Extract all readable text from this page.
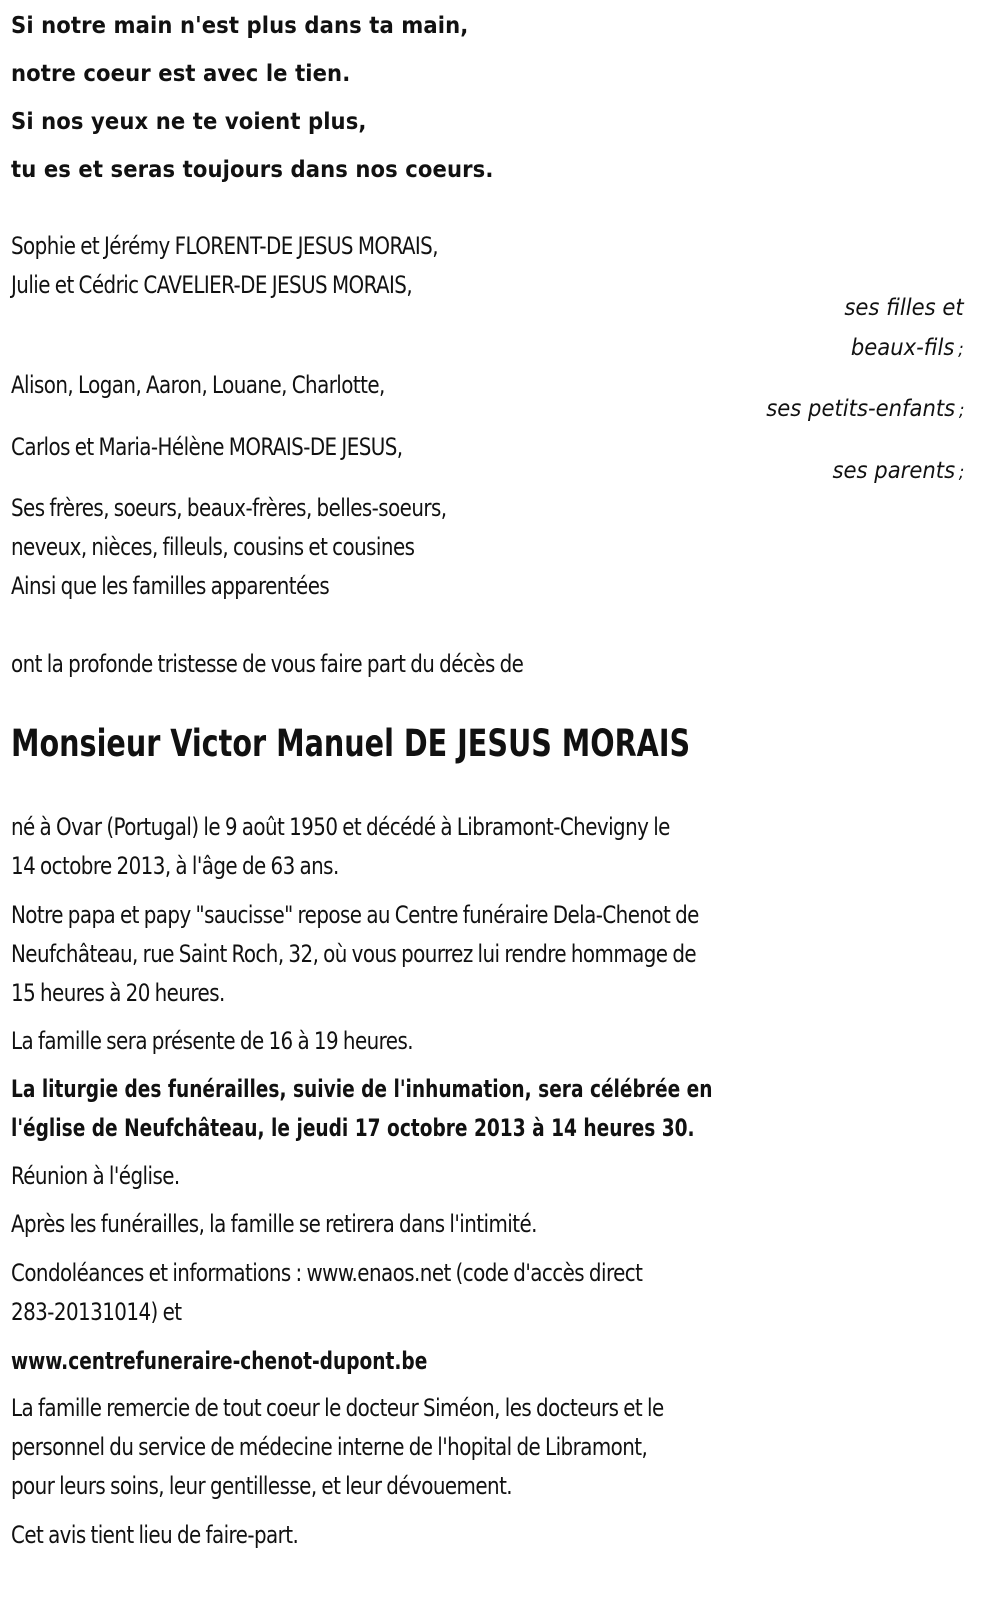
Si notre main n'est plus dans ta main,
notre coeur est avec le tien.
Si nos yeux ne te voient plus,
tu es et seras toujours dans nos coeurs.
Sophie et Jérémy FLORENT-DE JESUS MORAIS,
Julie et Cédric CAVELIER-DE JESUS MORAIS,
ses filles et
beaux-fils ;
Alison, Logan, Aaron, Louane, Charlotte,
ses petits-enfants ;
Carlos et Maria-Hélène MORAIS-DE JESUS,
ses parents ;
Ses frères, soeurs, beaux-frères, belles-soeurs,
neveux, nièces, filleuls, cousins et cousines
Ainsi que les familles apparentées
ont la profonde tristesse de vous faire part du décès de
Monsieur Victor Manuel DE JESUS MORAIS
né à Ovar (Portugal) le 9 août 1950 et décédé à Libramont-Chevigny le
14 octobre 2013, à l'âge de 63 ans.
Notre papa et papy "saucisse" repose au Centre funéraire Dela-Chenot de
Neufchâteau, rue Saint Roch, 32, où vous pourrez lui rendre hommage de
15 heures à 20 heures.
La famille sera présente de 16 à 19 heures.
La liturgie des funérailles, suivie de l'inhumation, sera célébrée en
l'église de Neufchâteau, le jeudi 17 octobre 2013 à 14 heures 30.
Réunion à l'église.
Après les funérailles, la famille se retirera dans l'intimité.
Condoléances et informations : www.enaos.net (code d'accès direct
283-20131014) et
www.centrefuneraire-chenot-dupont.be
La famille remercie de tout coeur le docteur Siméon, les docteurs et le
personnel du service de médecine interne de l'hopital de Libramont,
pour leurs soins, leur gentillesse, et leur dévouement.
Cet avis tient lieu de faire-part.
